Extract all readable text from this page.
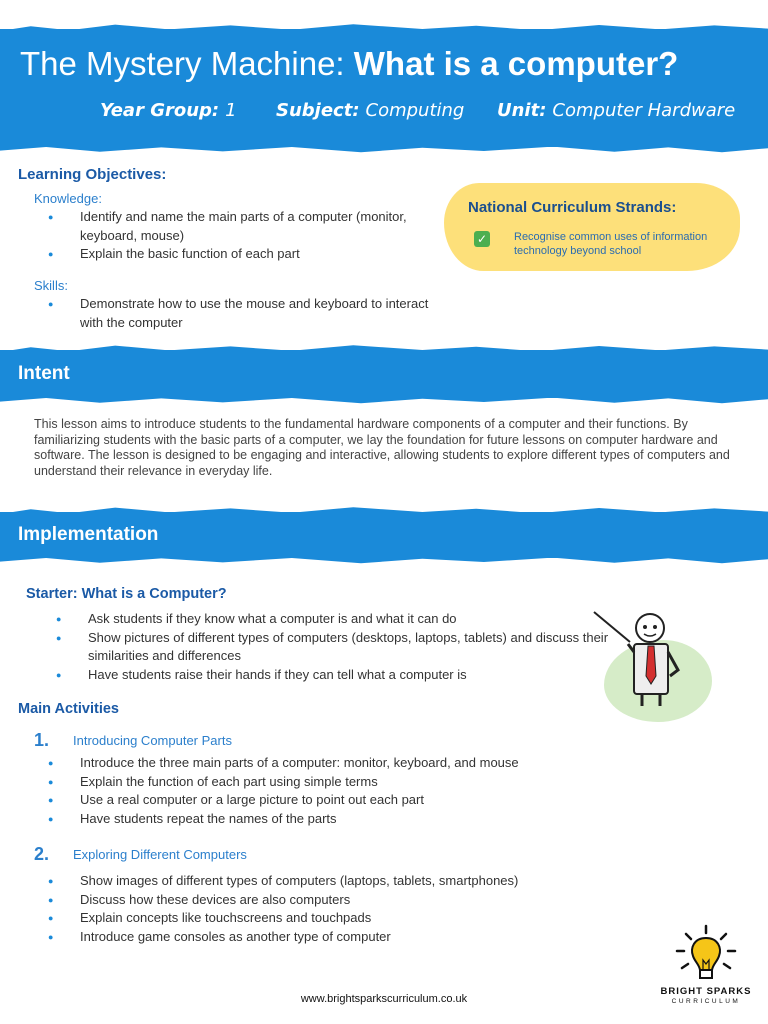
The Mystery Machine: What is a computer?
Year Group: 1 Subject: Computing Unit: Computer Hardware
Learning Objectives:
Knowledge:
● Identify and name the main parts of a computer (monitor, keyboard, mouse)
● Explain the basic function of each part
Skills:
● Demonstrate how to use the mouse and keyboard to interact with the computer
National Curriculum Strands:
✓ Recognise common uses of information technology beyond school
Intent
This lesson aims to introduce students to the fundamental hardware components of a computer and their functions. By familiarizing students with the basic parts of a computer, we lay the foundation for future lessons on computer hardware and software. The lesson is designed to be engaging and interactive, allowing students to explore different types of computers and understand their relevance in everyday life.
Implementation
Starter: What is a Computer?
● Ask students if they know what a computer is and what it can do
● Show pictures of different types of computers (desktops, laptops, tablets) and discuss their similarities and differences
● Have students raise their hands if they can tell what a computer is
Main Activities
1. Introducing Computer Parts
● Introduce the three main parts of a computer: monitor, keyboard, and mouse
● Explain the function of each part using simple terms
● Use a real computer or a large picture to point out each part
● Have students repeat the names of the parts
2. Exploring Different Computers
● Show images of different types of computers (laptops, tablets, smartphones)
● Discuss how these devices are also computers
● Explain concepts like touchscreens and touchpads
● Introduce game consoles as another type of computer
www.brightsparkscurriculum.co.uk
BRIGHT SPARKS
CURRICULUM
